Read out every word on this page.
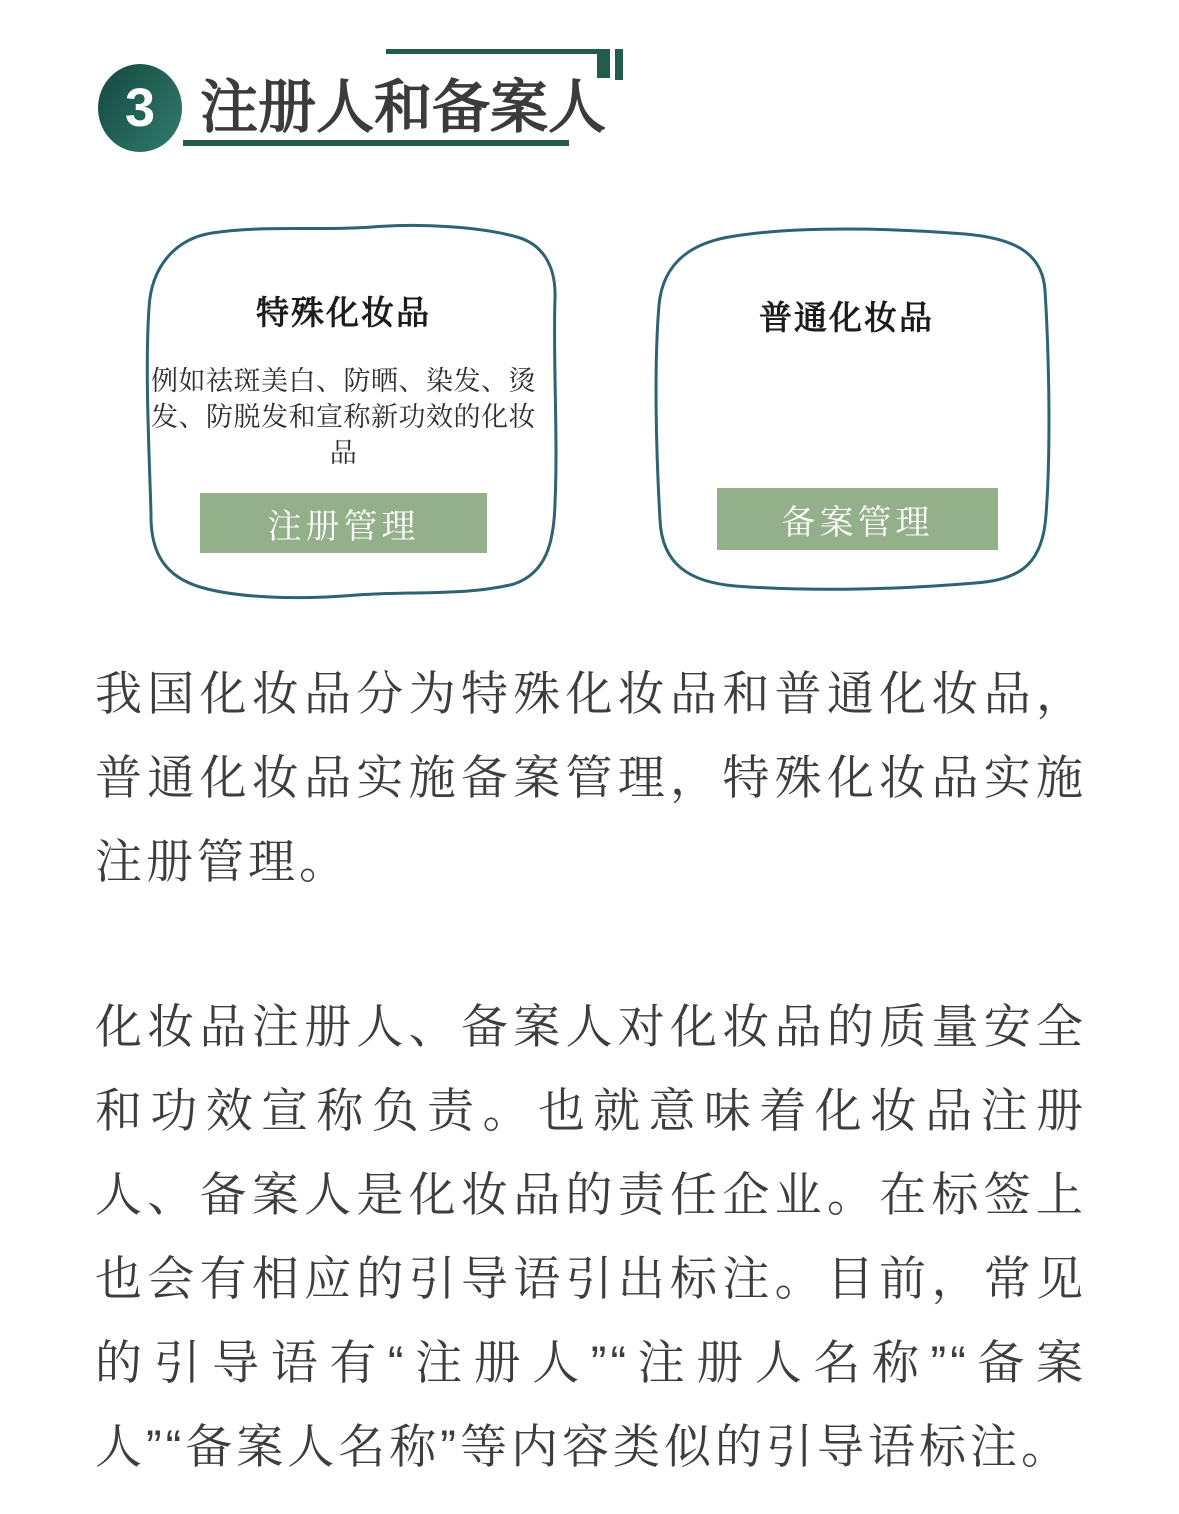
3 注册人和备案人
特殊化妆品
例如祛斑美白、防晒、染发、烫
发、防脱发和宣称新功效的化妆品
注册管理
普通化妆品
备案管理

我国化妆品分为特殊化妆品和普通化妆品，普通化妆品实施备案管理，特殊化妆品实施注册管理。

化妆品注册人、备案人对化妆品的质量安全和功效宣称负责。也就意味着化妆品注册人、备案人是化妆品的责任企业。在标签上也会有相应的引导语引出标注。目前，常见的引导语有“注册人”“注册人名称”“备案人”“备案人名称”等内容类似的引导语标注。
